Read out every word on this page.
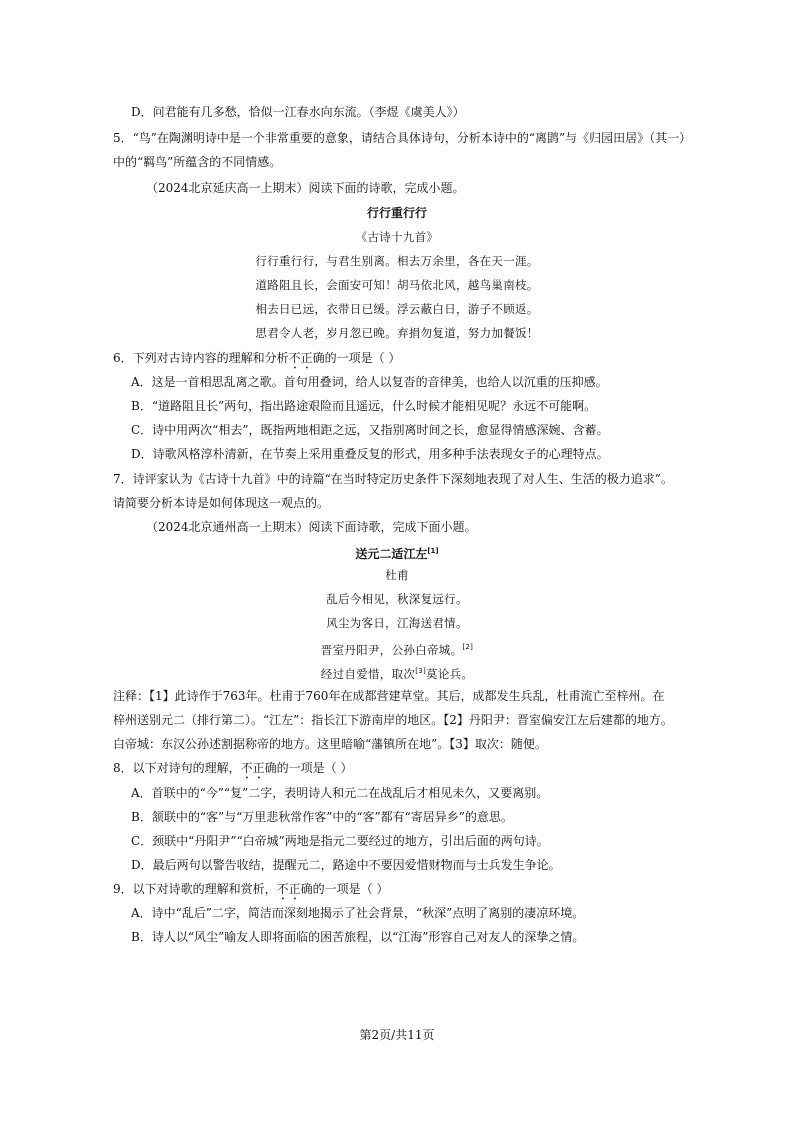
D．问君能有几多愁，恰似一江春水向东流。（李煜《虞美人》）
5．“鸟”在陶渊明诗中是一个非常重要的意象，请结合具体诗句，分析本诗中的“离鹍”与《归园田居》（其一）
中的“羁鸟”所蕴含的不同情感。
（2024北京延庆高一上期末）阅读下面的诗歌，完成小题。
行行重行行
《古诗十九首》
行行重行行，与君生别离。相去万余里，各在天一涯。
道路阻且长，会面安可知！胡马依北风，越鸟巢南枝。
相去日已远，衣带日已缓。浮云蔽白日，游子不顾返。
思君令人老，岁月忽已晚。弃捐勿复道，努力加餐饭！
6．下列对古诗内容的理解和分析不正确的一项是（ ）
A．这是一首相思乱离之歌。首句用叠词，给人以复沓的音律美，也给人以沉重的压抑感。
B．“道路阻且长”两句，指出路途艰险而且遥远，什么时候才能相见呢？永远不可能啊。
C．诗中用两次“相去”，既指两地相距之远，又指别离时间之长，愈显得情感深婉、含蓄。
D．诗歌风格淳朴清新，在节奏上采用重叠反复的形式，用多种手法表现女子的心理特点。
7．诗评家认为《古诗十九首》中的诗篇“在当时特定历史条件下深刻地表现了对人生、生活的极力追求”。
请简要分析本诗是如何体现这一观点的。
（2024北京通州高一上期末）阅读下面诗歌，完成下面小题。
送元二适江左[1]
杜甫
乱后今相见，秋深复远行。
风尘为客日，江海送君情。
晋室丹阳尹，公孙白帝城。[2]
经过自爱惜，取次[3]莫论兵。
注释：【1】此诗作于763年。杜甫于760年在成都营建草堂。其后，成都发生兵乱，杜甫流亡至梓州。在
梓州送别元二（排行第二）。“江左”：指长江下游南岸的地区。【2】丹阳尹：晋室偏安江左后建都的地方。
白帝城：东汉公孙述割据称帝的地方。这里暗喻“藩镇所在地”。【3】取次：随便。
8．以下对诗句的理解，不正确的一项是（ ）
A．首联中的“今”“复”二字，表明诗人和元二在战乱后才相见未久，又要离别。
B．颔联中的“客”与“万里悲秋常作客”中的“客”都有“寄居异乡”的意思。
C．颈联中“丹阳尹”“白帝城”两地是指元二要经过的地方，引出后面的两句诗。
D．最后两句以警告收结，提醒元二，路途中不要因爱惜财物而与士兵发生争论。
9．以下对诗歌的理解和赏析，不正确的一项是（ ）
A．诗中“乱后”二字，简洁而深刻地揭示了社会背景，“秋深”点明了离别的凄凉环境。
B．诗人以“风尘”喻友人即将面临的困苦旅程，以“江海”形容自己对友人的深挚之情。
第2页/共11页
